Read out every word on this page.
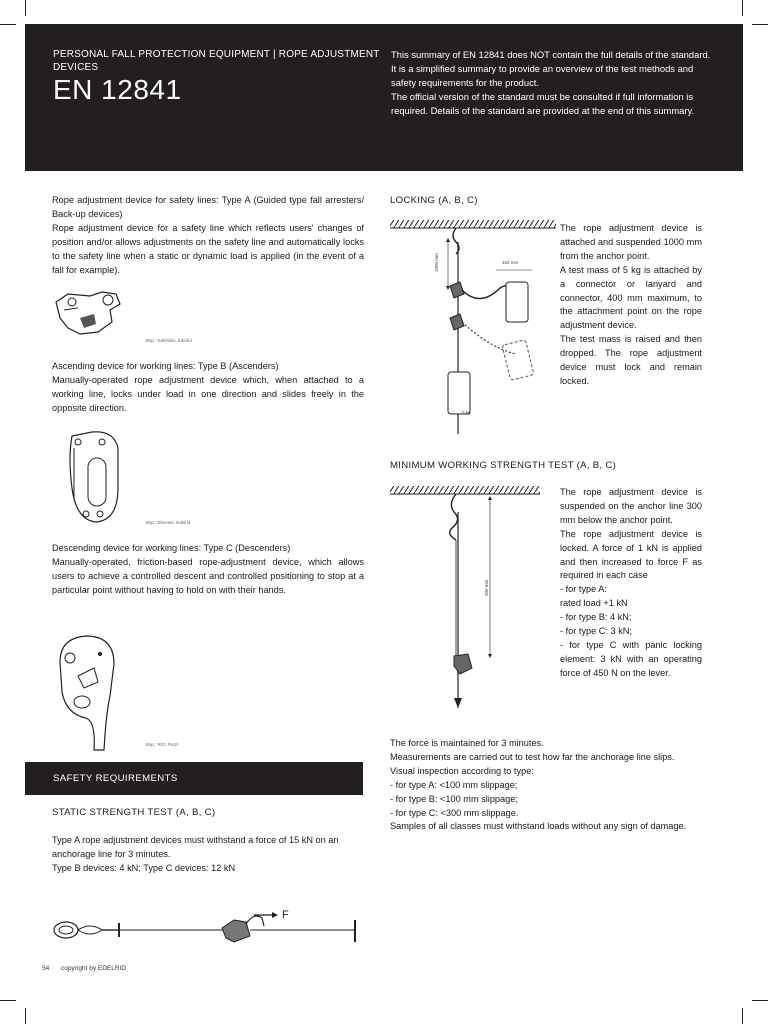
PERSONAL FALL PROTECTION EQUIPMENT | ROPE ADJUSTMENT DEVICES
EN 12841

This summary of EN 12841 does NOT contain the full details of the standard.

It is a simplified summary to provide an overview of the test methods and safety requirements for the product.

The official version of the standard must be consulted if full information is required. Details of the standard are provided at the end of this summary.

Rope adjustment device for safety lines: Type A (Guided type fall arresters/ Back-up devices)

Rope adjustment device for a safety line which reflects users' changes of position and/or allows adjustments on the safety line and automatically locks to the safety line when a static or dynamic load is applied (in the event of a fall for example).

Bsp.: Edelrider, Edelrid

Ascending device for working lines: Type B (Ascenders)

Manually-operated rope adjustment device which, when attached to a working line, locks under load in one direction and slides freely in the opposite direction.

Bsp.: Elevator, Edelrid

Descending device for working lines: Type C (Descenders)

Manually-operated, friction-based rope-adjustment device, which allows users to achieve a controlled descent and controlled positioning to stop at a particular point without having to hold on with their hands.

Bsp.: RIG, Petzl
SAFETY REQUIREMENTS
STATIC STRENGTH TEST (A, B, C)

Type A rope adjustment devices must withstand a force of 15 kN on an anchorage line for 3 minutes.

Type B devices: 4 kN; Type C devices: 12 kN

F
LOCKING (A, B, C)
1000 mm	400 mm
5 kg

The rope adjustment device is attached and suspended 1000 mm from the anchor point.

A test mass of 5 kg is attached by a connector or lanyard and connector, 400 mm maximum, to the attachment point on the rope adjustment device.

The test mass is raised and then dropped. The rope adjustment device must lock and remain locked.

MINIMUM WORKING STRENGTH TEST (A, B, C)
300 mm

The rope adjustment device is suspended on the anchor line 300 mm below the anchor point.

The rope adjustment device is locked. A force of 1 kN is applied and then increased to force F as required in each case

- for type A:

rated load +1 kN

- for type B: 4 kN;

- for type C: 3 kN;

- for type C with panic locking element: 3 kN with an operating force of 450 N on the lever.

The force is maintained for 3 minutes.

Measurements are carried out to test how far the anchorage line slips.

Visual inspection according to type:

- for type A: <100 mm slippage;

- for type B: <100 mm slippage;

- for type C: <300 mm slippage.

Samples of all classes must withstand loads without any sign of damage.

54 copyright by EDELRID
